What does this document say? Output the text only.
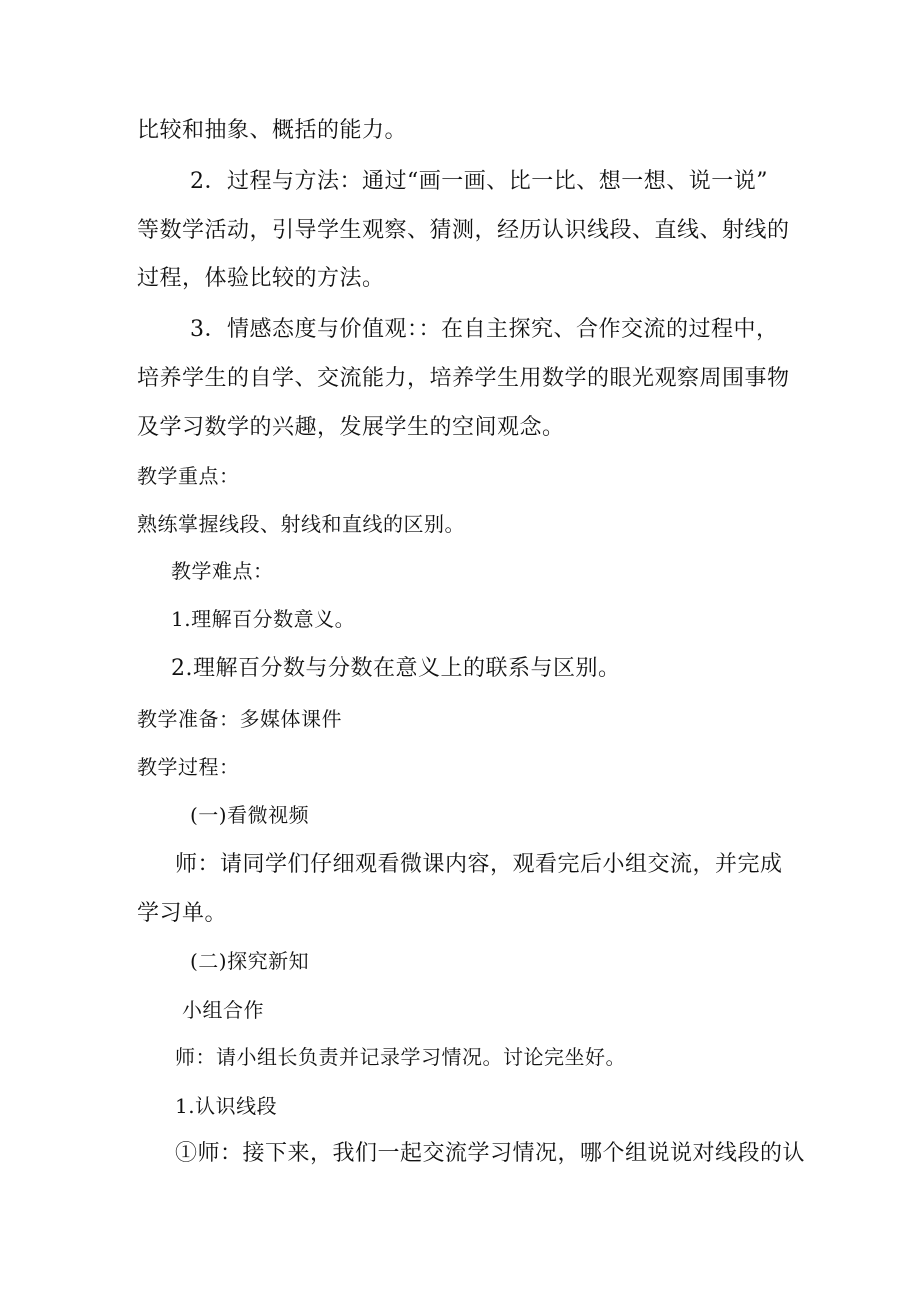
比较和抽象、概括的能力。
2．过程与方法：通过“画一画、比一比、想一想、说一说”
等数学活动，引导学生观察、猜测，经历认识线段、直线、射线的
过程，体验比较的方法。
3．情感态度与价值观：：在自主探究、合作交流的过程中，
培养学生的自学、交流能力，培养学生用数学的眼光观察周围事物
及学习数学的兴趣，发展学生的空间观念。
教学重点：
熟练掌握线段、射线和直线的区别。
教学难点：
1.理解百分数意义。
2.理解百分数与分数在意义上的联系与区别。
教学准备：多媒体课件
教学过程：
(一)看微视频
师：请同学们仔细观看微课内容，观看完后小组交流，并完成
学习单。
(二)探究新知
小组合作
师：请小组长负责并记录学习情况。讨论完坐好。
1.认识线段
①师：接下来，我们一起交流学习情况，哪个组说说对线段的认
